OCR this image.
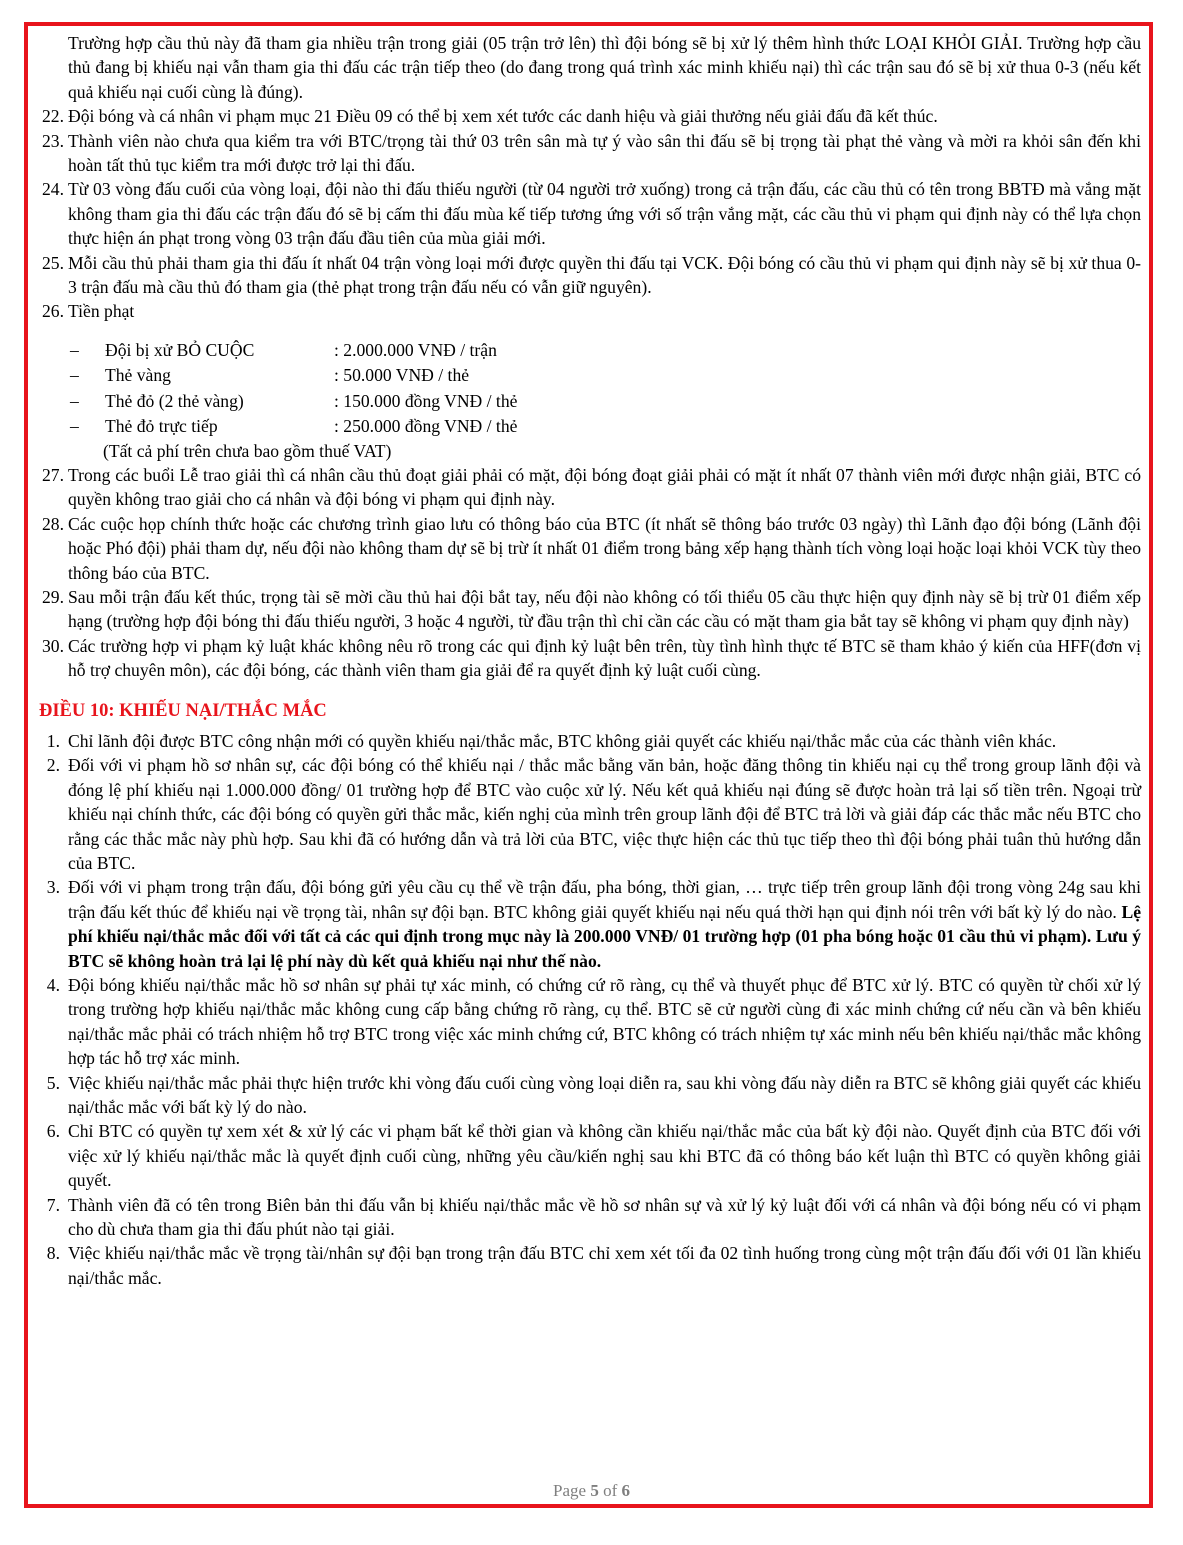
Trường hợp cầu thủ này đã tham gia nhiều trận trong giải (05 trận trở lên) thì đội bóng sẽ bị xử lý thêm hình thức LOẠI KHỎI GIẢI. Trường hợp cầu thủ đang bị khiếu nại vẫn tham gia thi đấu các trận tiếp theo (do đang trong quá trình xác minh khiếu nại) thì các trận sau đó sẽ bị xử thua 0-3 (nếu kết quả khiếu nại cuối cùng là đúng).
22. Đội bóng và cá nhân vi phạm mục 21 Điều 09 có thể bị xem xét tước các danh hiệu và giải thưởng nếu giải đấu đã kết thúc.
23. Thành viên nào chưa qua kiểm tra với BTC/trọng tài thứ 03 trên sân mà tự ý vào sân thi đấu sẽ bị trọng tài phạt thẻ vàng và mời ra khỏi sân đến khi hoàn tất thủ tục kiểm tra mới được trở lại thi đấu.
24. Từ 03 vòng đấu cuối của vòng loại, đội nào thi đấu thiếu người (từ 04 người trở xuống) trong cả trận đấu, các cầu thủ có tên trong BBTĐ mà vắng mặt không tham gia thi đấu các trận đấu đó sẽ bị cấm thi đấu mùa kế tiếp tương ứng với số trận vắng mặt, các cầu thủ vi phạm qui định này có thể lựa chọn thực hiện án phạt trong vòng 03 trận đấu đầu tiên của mùa giải mới.
25. Mỗi cầu thủ phải tham gia thi đấu ít nhất 04 trận vòng loại mới được quyền thi đấu tại VCK. Đội bóng có cầu thủ vi phạm qui định này sẽ bị xử thua 0-3 trận đấu mà cầu thủ đó tham gia (thẻ phạt trong trận đấu nếu có vẫn giữ nguyên).
26. Tiền phạt
–	Đội bị xử BỎ CUỘC	: 2.000.000 VNĐ / trận
–	Thẻ vàng	: 50.000 VNĐ / thẻ
–	Thẻ đỏ (2 thẻ vàng)	: 150.000 đồng VNĐ / thẻ
–	Thẻ đỏ trực tiếp	: 250.000 đồng VNĐ / thẻ
(Tất cả phí trên chưa bao gồm thuế VAT)
27. Trong các buổi Lễ trao giải thì cá nhân cầu thủ đoạt giải phải có mặt, đội bóng đoạt giải phải có mặt ít nhất 07 thành viên mới được nhận giải, BTC có quyền không trao giải cho cá nhân và đội bóng vi phạm qui định này.
28. Các cuộc họp chính thức hoặc các chương trình giao lưu có thông báo của BTC (ít nhất sẽ thông báo trước 03 ngày) thì Lãnh đạo đội bóng (Lãnh đội hoặc Phó đội) phải tham dự, nếu đội nào không tham dự sẽ bị trừ ít nhất 01 điểm trong bảng xếp hạng thành tích vòng loại hoặc loại khỏi VCK tùy theo thông báo của BTC.
29. Sau mỗi trận đấu kết thúc, trọng tài sẽ mời cầu thủ hai đội bắt tay, nếu đội nào không có tối thiểu 05 cầu thực hiện quy định này sẽ bị trừ 01 điểm xếp hạng (trường hợp đội bóng thi đấu thiếu người, 3 hoặc 4 người, từ đầu trận thì chỉ cần các cầu có mặt tham gia bắt tay sẽ không vi phạm quy định này)
30. Các trường hợp vi phạm kỷ luật khác không nêu rõ trong các qui định kỷ luật bên trên, tùy tình hình thực tế BTC sẽ tham khảo ý kiến của HFF(đơn vị hỗ trợ chuyên môn), các đội bóng, các thành viên tham gia giải để ra quyết định kỷ luật cuối cùng.
ĐIỀU 10: KHIẾU NẠI/THẮC MẮC
1. Chỉ lãnh đội được BTC công nhận mới có quyền khiếu nại/thắc mắc, BTC không giải quyết các khiếu nại/thắc mắc của các thành viên khác.
2. Đối với vi phạm hồ sơ nhân sự, các đội bóng có thể khiếu nại / thắc mắc bằng văn bản, hoặc đăng thông tin khiếu nại cụ thể trong group lãnh đội và đóng lệ phí khiếu nại 1.000.000 đồng/ 01 trường hợp để BTC vào cuộc xử lý. Nếu kết quả khiếu nại đúng sẽ được hoàn trả lại số tiền trên. Ngoại trừ khiếu nại chính thức, các đội bóng có quyền gửi thắc mắc, kiến nghị của mình trên group lãnh đội để BTC trả lời và giải đáp các thắc mắc nếu BTC cho rằng các thắc mắc này phù hợp. Sau khi đã có hướng dẫn và trả lời của BTC, việc thực hiện các thủ tục tiếp theo thì đội bóng phải tuân thủ hướng dẫn của BTC.
3. Đối với vi phạm trong trận đấu, đội bóng gửi yêu cầu cụ thể về trận đấu, pha bóng, thời gian, … trực tiếp trên group lãnh đội trong vòng 24g sau khi trận đấu kết thúc để khiếu nại về trọng tài, nhân sự đội bạn. BTC không giải quyết khiếu nại nếu quá thời hạn qui định nói trên với bất kỳ lý do nào. Lệ phí khiếu nại/thắc mắc đối với tất cả các qui định trong mục này là 200.000 VNĐ/ 01 trường hợp (01 pha bóng hoặc 01 cầu thủ vi phạm). Lưu ý BTC sẽ không hoàn trả lại lệ phí này dù kết quả khiếu nại như thế nào.
4. Đội bóng khiếu nại/thắc mắc hồ sơ nhân sự phải tự xác minh, có chứng cứ rõ ràng, cụ thể và thuyết phục để BTC xử lý. BTC có quyền từ chối xử lý trong trường hợp khiếu nại/thắc mắc không cung cấp bằng chứng rõ ràng, cụ thể. BTC sẽ cử người cùng đi xác minh chứng cứ nếu cần và bên khiếu nại/thắc mắc phải có trách nhiệm hỗ trợ BTC trong việc xác minh chứng cứ, BTC không có trách nhiệm tự xác minh nếu bên khiếu nại/thắc mắc không hợp tác hỗ trợ xác minh.
5. Việc khiếu nại/thắc mắc phải thực hiện trước khi vòng đấu cuối cùng vòng loại diễn ra, sau khi vòng đấu này diễn ra BTC sẽ không giải quyết các khiếu nại/thắc mắc với bất kỳ lý do nào.
6. Chỉ BTC có quyền tự xem xét & xử lý các vi phạm bất kể thời gian và không cần khiếu nại/thắc mắc của bất kỳ đội nào. Quyết định của BTC đối với việc xử lý khiếu nại/thắc mắc là quyết định cuối cùng, những yêu cầu/kiến nghị sau khi BTC đã có thông báo kết luận thì BTC có quyền không giải quyết.
7. Thành viên đã có tên trong Biên bản thi đấu vẫn bị khiếu nại/thắc mắc về hồ sơ nhân sự và xử lý kỷ luật đối với cá nhân và đội bóng nếu có vi phạm cho dù chưa tham gia thi đấu phút nào tại giải.
8. Việc khiếu nại/thắc mắc về trọng tài/nhân sự đội bạn trong trận đấu BTC chỉ xem xét tối đa 02 tình huống trong cùng một trận đấu đối với 01 lần khiếu nại/thắc mắc.
Page 5 of 6
